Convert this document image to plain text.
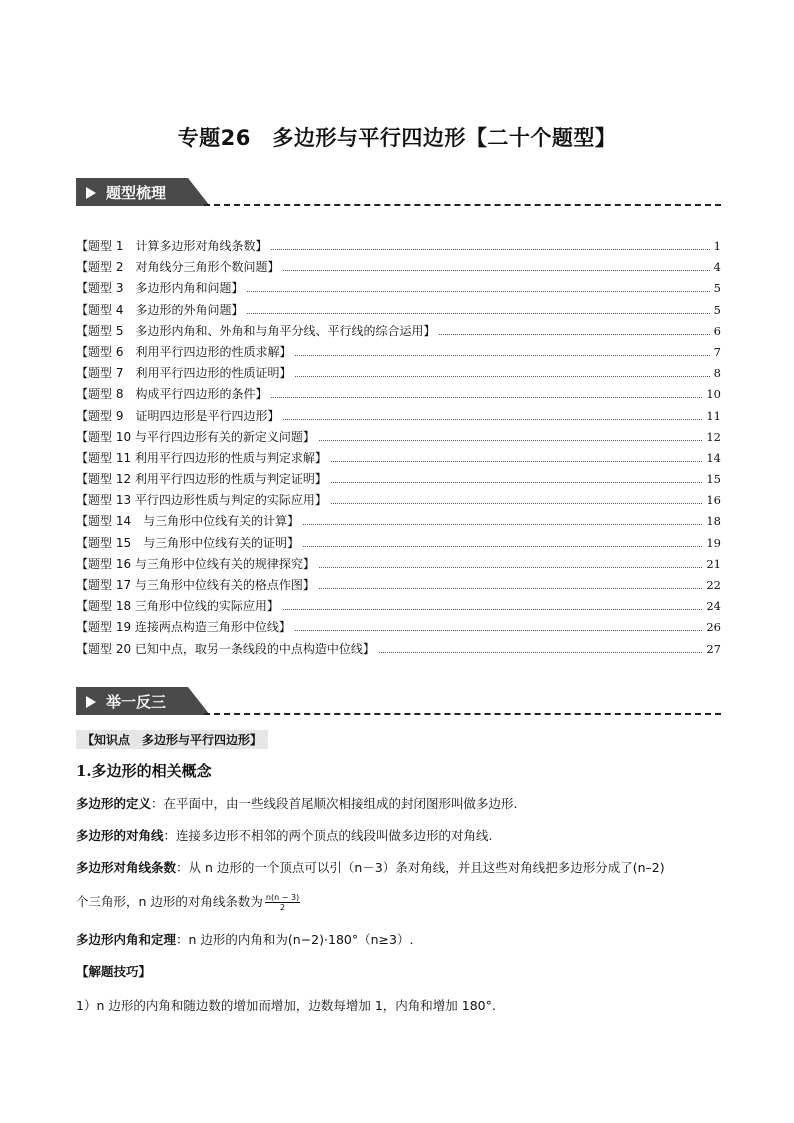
专题26　多边形与平行四边形【二十个题型】
题型梳理
【题型 1　计算多边形对角线条数】	1
【题型 2　对角线分三角形个数问题】	4
【题型 3　多边形内角和问题】	5
【题型 4　多边形的外角问题】	5
【题型 5　多边形内角和、外角和与角平分线、平行线的综合运用】	6
【题型 6　利用平行四边形的性质求解】	7
【题型 7　利用平行四边形的性质证明】	8
【题型 8　构成平行四边形的条件】	10
【题型 9　证明四边形是平行四边形】	11
【题型 10 与平行四边形有关的新定义问题】	12
【题型 11 利用平行四边形的性质与判定求解】	14
【题型 12 利用平行四边形的性质与判定证明】	15
【题型 13 平行四边形性质与判定的实际应用】	16
【题型 14　与三角形中位线有关的计算】	18
【题型 15　与三角形中位线有关的证明】	19
【题型 16 与三角形中位线有关的规律探究】	21
【题型 17 与三角形中位线有关的格点作图】	22
【题型 18 三角形中位线的实际应用】	24
【题型 19 连接两点构造三角形中位线】	26
【题型 20 已知中点，取另一条线段的中点构造中位线】	27
举一反三
【知识点　多边形与平行四边形】
1.多边形的相关概念
多边形的定义：在平面中，由一些线段首尾顺次相接组成的封闭图形叫做多边形.
多边形的对角线：连接多边形不相邻的两个顶点的线段叫做多边形的对角线.
多边形对角线条数：从 n 边形的一个顶点可以引（n－3）条对角线，并且这些对角线把多边形分成了(n–2)
个三角形，n 边形的对角线条数为 $\frac{n(n - 3)}{2}$
多边形内角和定理：n 边形的内角和为(n−2)·180°（n≥3）.
【解题技巧】
1）n 边形的内角和随边数的增加而增加，边数每增加 1，内角和增加 180°.
